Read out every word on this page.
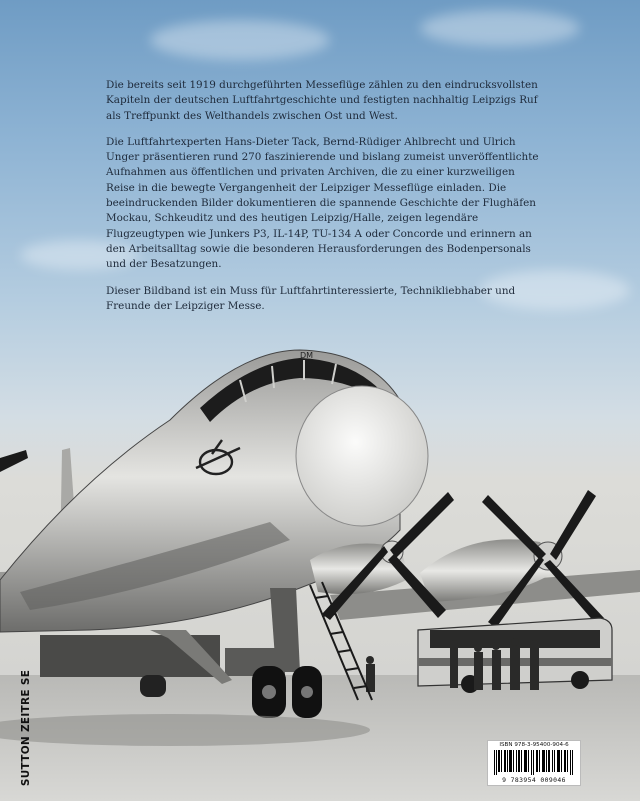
Die bereits seit 1919 durchgeführten Messeflüge zählen zu den eindrucksvollsten Kapiteln der deutschen Luftfahrtgeschichte und festigten nachhaltig Leipzigs Ruf als Treffpunkt des Welthandels zwischen Ost und West.

Die Luftfahrtexperten Hans-Dieter Tack, Bernd-Rüdiger Ahlbrecht und Ulrich Unger präsentieren rund 270 faszinierende und bislang zumeist unveröffentlichte Aufnahmen aus öffentlichen und privaten Archiven, die zu einer kurzweiligen Reise in die bewegte Vergangenheit der Leipziger Messeflüge einladen. Die beeindruckenden Bilder dokumentieren die spannende Geschichte der Flughäfen Mockau, Schkeuditz und des heutigen Leipzig/Halle, zeigen legendäre Flugzeugtypen wie Junkers P3, IL-14P, TU-134 A oder Concorde und erinnern an den Arbeitsalltag sowie die besonderen Herausforderungen des Bodenpersonals und der Besatzungen.

Dieser Bildband ist ein Muss für Luftfahrtinteressierte, Technikliebhaber und Freunde der Leipziger Messe.

DM
SUTTON ZEITRE SE	ISBN 978-3-95400-904-6
9 783954 009046
